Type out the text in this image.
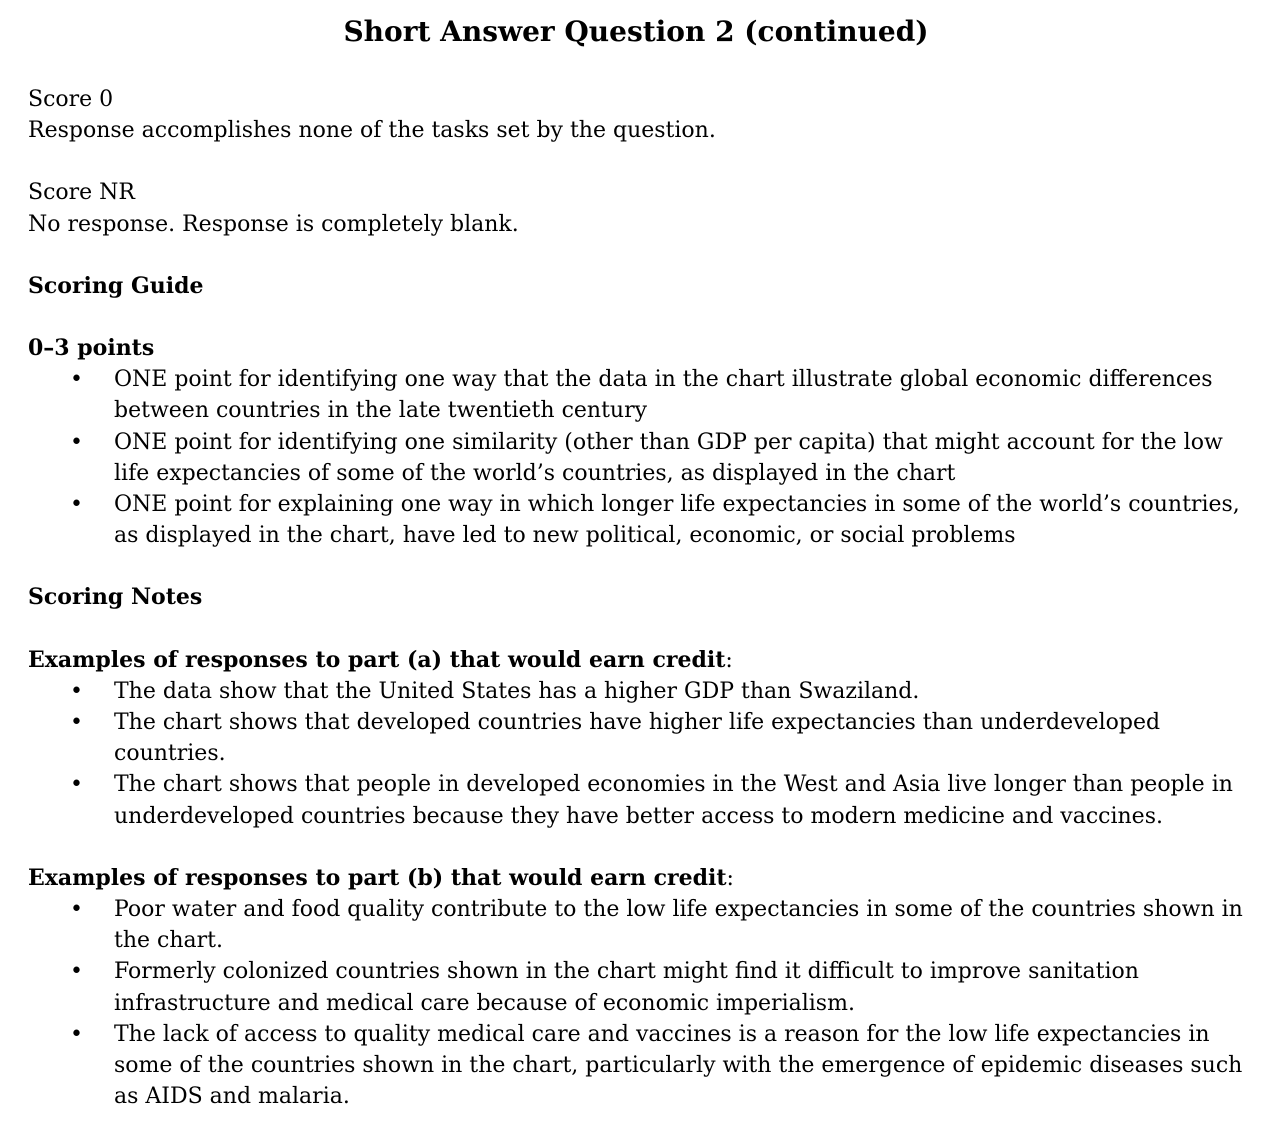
Short Answer Question 2 (continued)

Score 0

Response accomplishes none of the tasks set by the question.

Score NR

No response. Response is completely blank.

Scoring Guide

0–3 points

• ONE point for identifying one way that the data in the chart illustrate global economic differences between countries in the late twentieth century
• ONE point for identifying one similarity (other than GDP per capita) that might account for the low life expectancies of some of the world’s countries, as displayed in the chart
• ONE point for explaining one way in which longer life expectancies in some of the world’s countries, as displayed in the chart, have led to new political, economic, or social problems

Scoring Notes

Examples of responses to part (a) that would earn credit:

• The data show that the United States has a higher GDP than Swaziland.
• The chart shows that developed countries have higher life expectancies than underdeveloped countries.
• The chart shows that people in developed economies in the West and Asia live longer than people in underdeveloped countries because they have better access to modern medicine and vaccines.

Examples of responses to part (b) that would earn credit:

• Poor water and food quality contribute to the low life expectancies in some of the countries shown in the chart.
• Formerly colonized countries shown in the chart might find it difficult to improve sanitation infrastructure and medical care because of economic imperialism.
• The lack of access to quality medical care and vaccines is a reason for the low life expectancies in some of the countries shown in the chart, particularly with the emergence of epidemic diseases such as AIDS and malaria.
